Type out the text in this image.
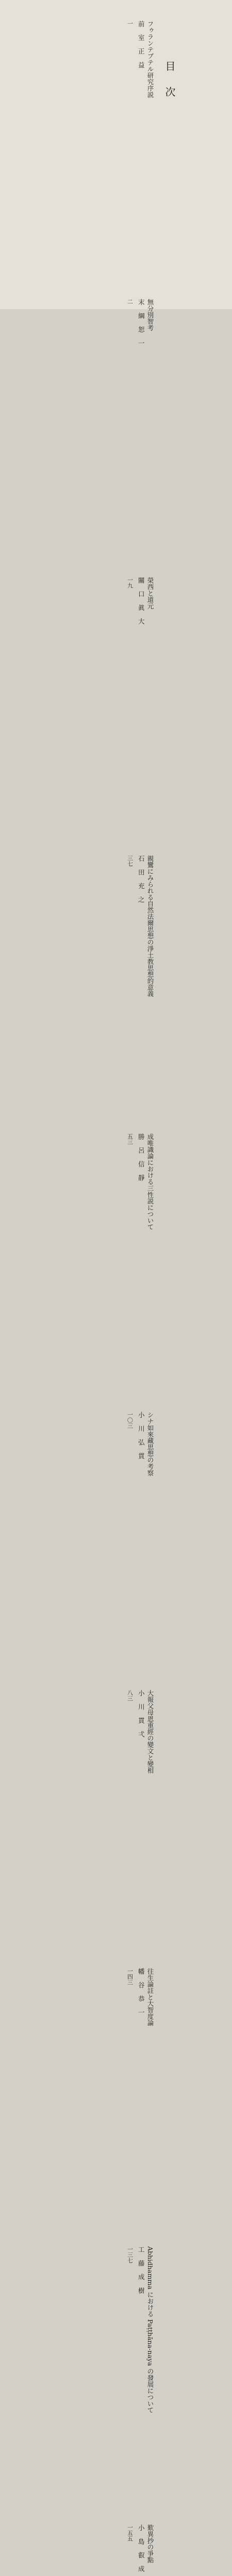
目次
フゥランテブテル研究序説
前 室 正 益
一
無分別智考
末 綱 恕 一
二
榮西と道元
關 口 眞 大
一九
親鸞にみられる自然法爾思想の淨土教思想的意義
石 田 充 之
三七
成唯識論における三性説について
勝 呂 信 靜
五三
シナ如來藏思想の考察
小 川 弘 貫
一〇三
大報父母恩重經の變文と變相
小 川 貫 弌
八三
往生論註と大智度論
幡 谷 恭 一
一四三
Abhidhamma における Paṭṭhāna-naya の發展について
工 藤 成 樹
一三七
歎異抄の爭點
小 島 叡 成
一五五
